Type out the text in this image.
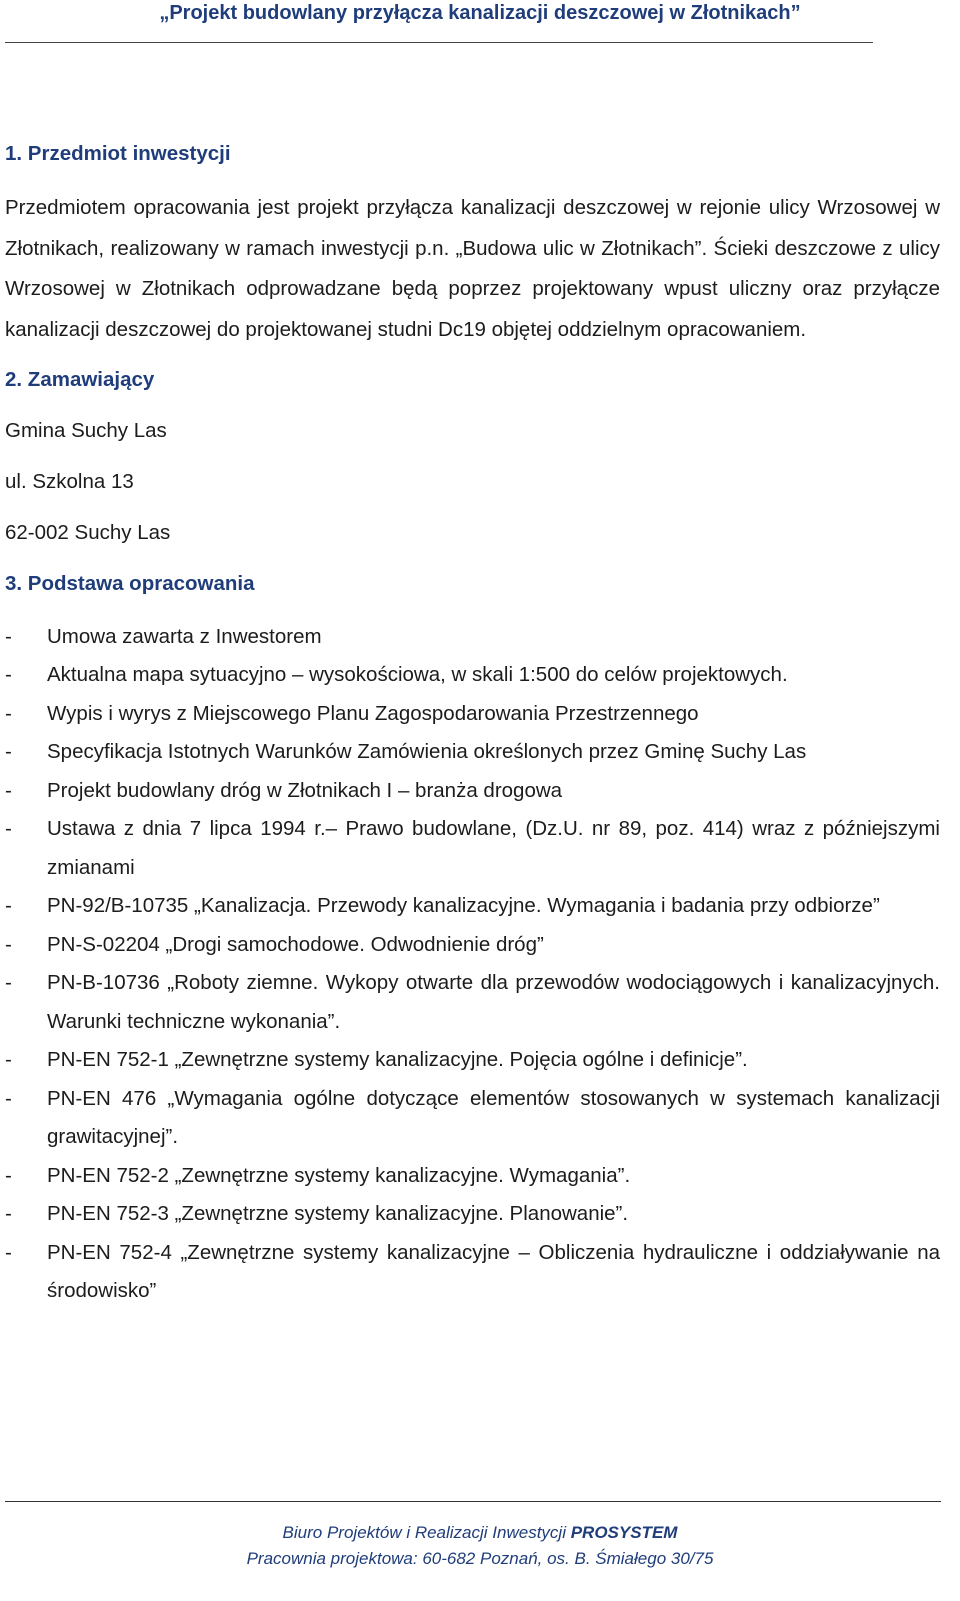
„Projekt budowlany przyłącza kanalizacji deszczowej w Złotnikach”
1. Przedmiot inwestycji

Przedmiotem opracowania jest projekt przyłącza kanalizacji deszczowej w rejonie ulicy Wrzosowej w Złotnikach, realizowany w ramach inwestycji p.n. „Budowa ulic w Złotnikach”. Ścieki deszczowe z ulicy Wrzosowej w Złotnikach odprowadzane będą poprzez projektowany wpust uliczny oraz przyłącze kanalizacji deszczowej do projektowanej studni Dc19 objętej oddzielnym opracowaniem.

2. Zamawiający
Gmina Suchy Las
ul. Szkolna 13
62-002 Suchy Las
3. Podstawa opracowania
- Umowa zawarta z Inwestorem
- Aktualna mapa sytuacyjno – wysokościowa, w skali 1:500 do celów projektowych.
- Wypis i wyrys z Miejscowego Planu Zagospodarowania Przestrzennego
- Specyfikacja Istotnych Warunków Zamówienia określonych przez Gminę Suchy Las
- Projekt budowlany dróg w Złotnikach I – branża drogowa
- Ustawa z dnia 7 lipca 1994 r.– Prawo budowlane, (Dz.U. nr 89, poz. 414) wraz z późniejszymi zmianami
- PN-92/B-10735 „Kanalizacja. Przewody kanalizacyjne. Wymagania i badania przy odbiorze”
- PN-S-02204 „Drogi samochodowe. Odwodnienie dróg”
- PN-B-10736 „Roboty ziemne. Wykopy otwarte dla przewodów wodociągowych i kanalizacyjnych. Warunki techniczne wykonania”.
- PN-EN 752-1 „Zewnętrzne systemy kanalizacyjne. Pojęcia ogólne i definicje”.
- PN-EN 476 „Wymagania ogólne dotyczące elementów stosowanych w systemach kanalizacji grawitacyjnej”.
- PN-EN 752-2 „Zewnętrzne systemy kanalizacyjne. Wymagania”.
- PN-EN 752-3 „Zewnętrzne systemy kanalizacyjne. Planowanie”.
- PN-EN 752-4 „Zewnętrzne systemy kanalizacyjne – Obliczenia hydrauliczne i oddziaływanie na środowisko”
Biuro Projektów i Realizacji Inwestycji PROSYSTEM
Pracownia projektowa: 60-682 Poznań, os. B. Śmiałego 30/75
